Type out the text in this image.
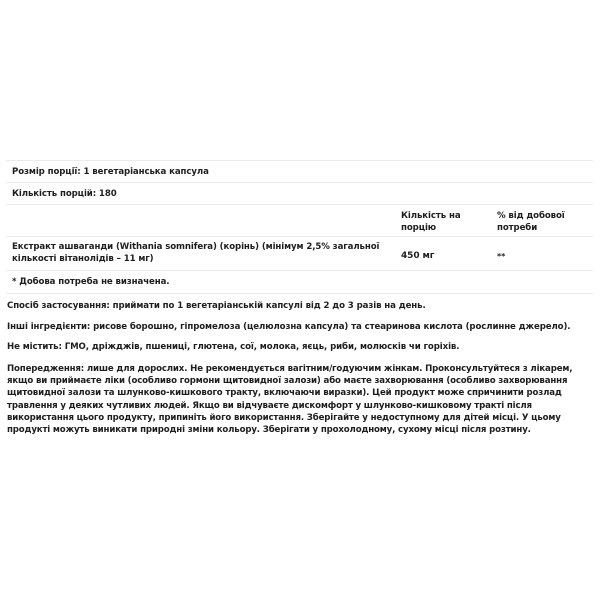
Розмір порції: 1 вегетаріанська капсула
Кількість порцій: 180
Кількість на порцію
% від добової потреби
Екстракт ашваганди (Withania somnifera) (корінь) (мінімум 2,5% загальної кількості вітанолідів – 11 мг)	450 мг	**
* Добова потреба не визначена.
Спосіб застосування: приймати по 1 вегетаріанській капсулі від 2 до 3 разів на день.
Інші інгредієнти: рисове борошно, гіпромелоза (целюлозна капсула) та стеаринова кислота (рослинне джерело).
Не містить: ГМО, дріжджів, пшениці, глютена, сої, молока, яєць, риби, молюсків чи горіхів.
Попередження: лише для дорослих. Не рекомендується вагітним/годуючим жінкам. Проконсультуйтеся з лікарем, якщо ви приймаєте ліки (особливо гормони щитовидної залози) або маєте захворювання (особливо захворювання щитовидної залози та шлунково-кишкового тракту, включаючи виразки). Цей продукт може спричинити розлад травлення у деяких чутливих людей. Якщо ви відчуваєте дискомфорт у шлунково-кишковому тракті після використання цього продукту, припиніть його використання. Зберігайте у недоступному для дітей місці. У цьому продукті можуть виникати природні зміни кольору. Зберігати у прохолодному, сухому місці після розтину.
